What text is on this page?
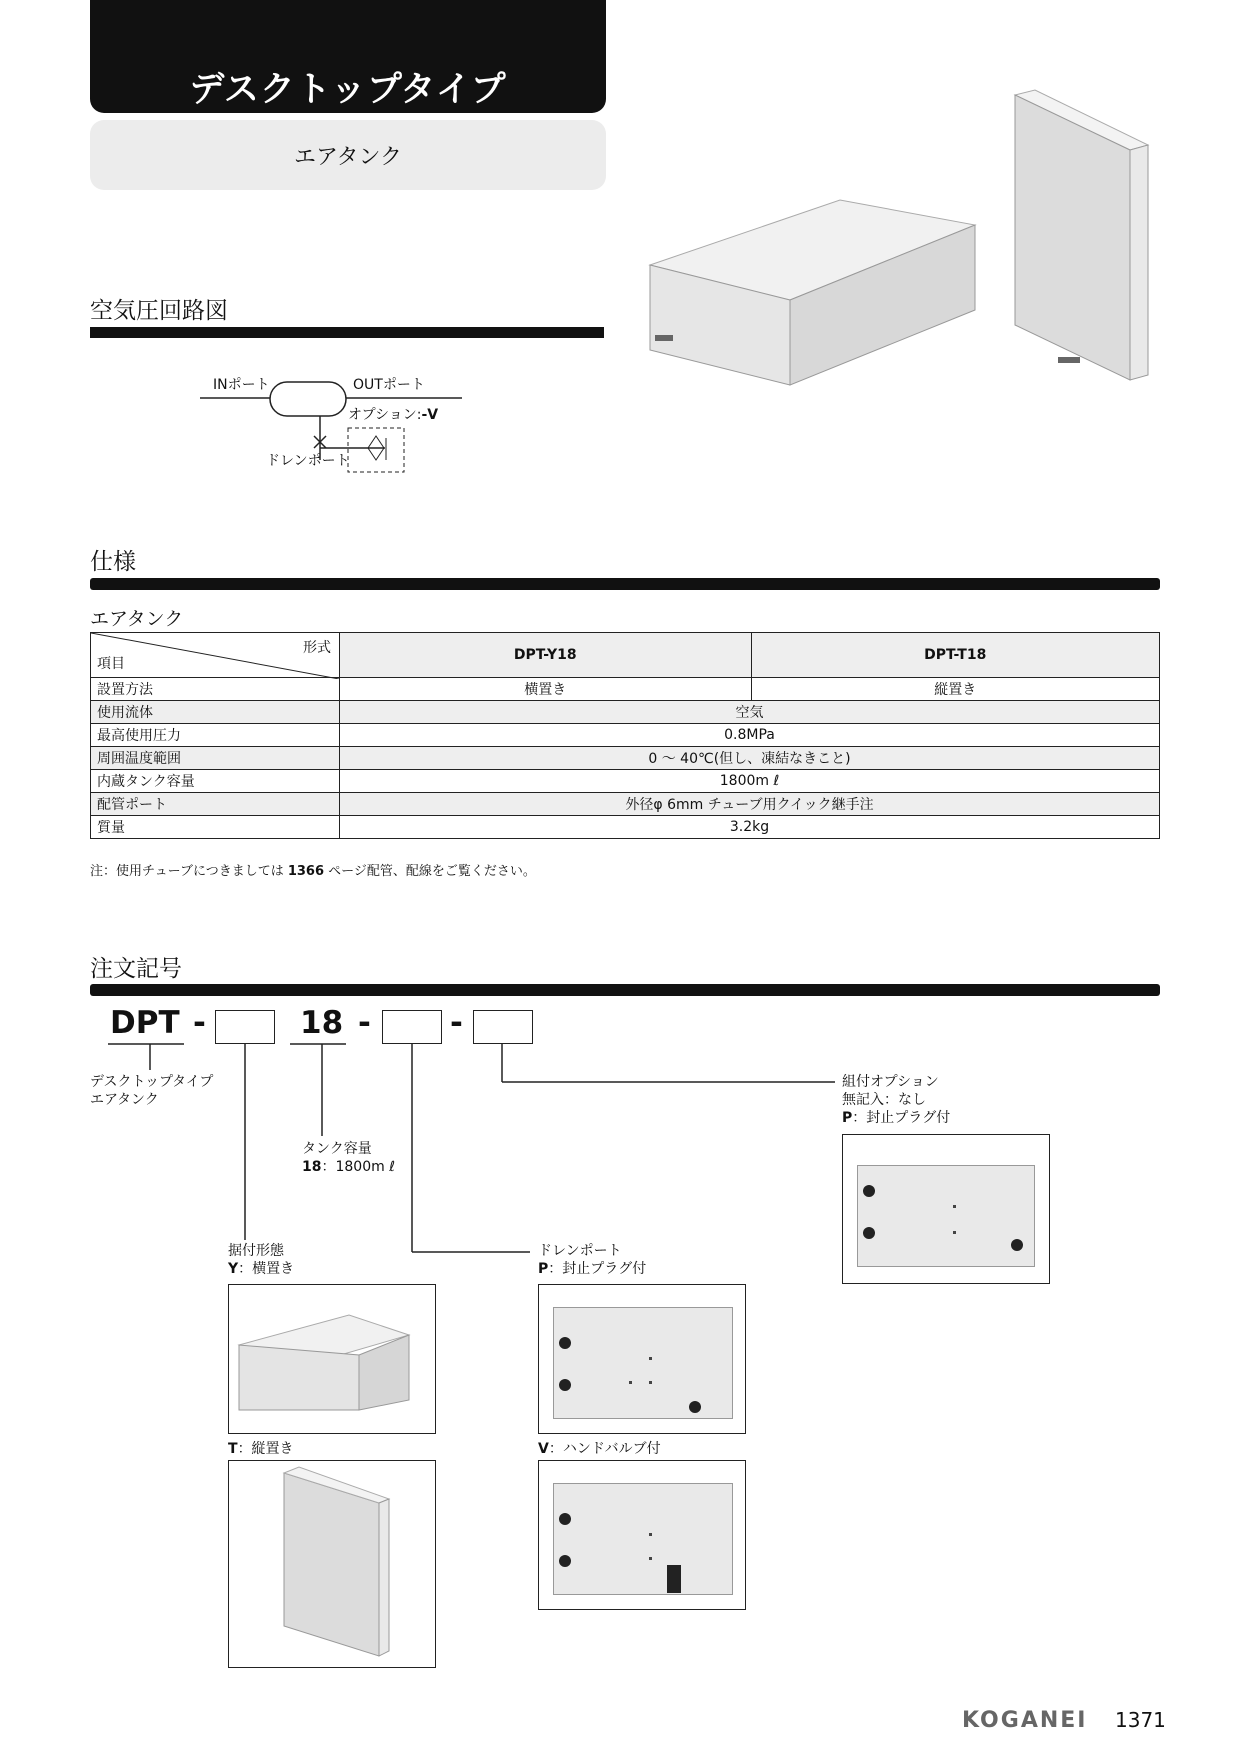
デスクトップタイプ
エアタンク
空気圧回路図
INポート	OUTポート
オプション:-V
ドレンポート
仕様
エアタンク
形式
項目	DPT-Y18	DPT-T18
設置方法	横置き	縦置き
使用流体	空気	
最高使用圧力	0.8MPa	
周囲温度範囲	0 ～ 40℃(但し、凍結なきこと)	
内蔵タンク容量	1800m ℓ	
配管ポート	外径φ 6mm チューブ用クイック継手注	
質量	3.2kg	
注：使用チューブにつきましては 1366 ページ配管、配線をご覧ください。
注文記号
DPT -	18 -	-
デスクトップタイプ
エアタンク
タンク容量
18：1800m ℓ
組付オプション
無記入：なし
P：封止プラグ付
据付形態
Y：横置き
ドレンポート
P：封止プラグ付
T：縦置き	V：ハンドバルブ付
KOGANEI 1371
